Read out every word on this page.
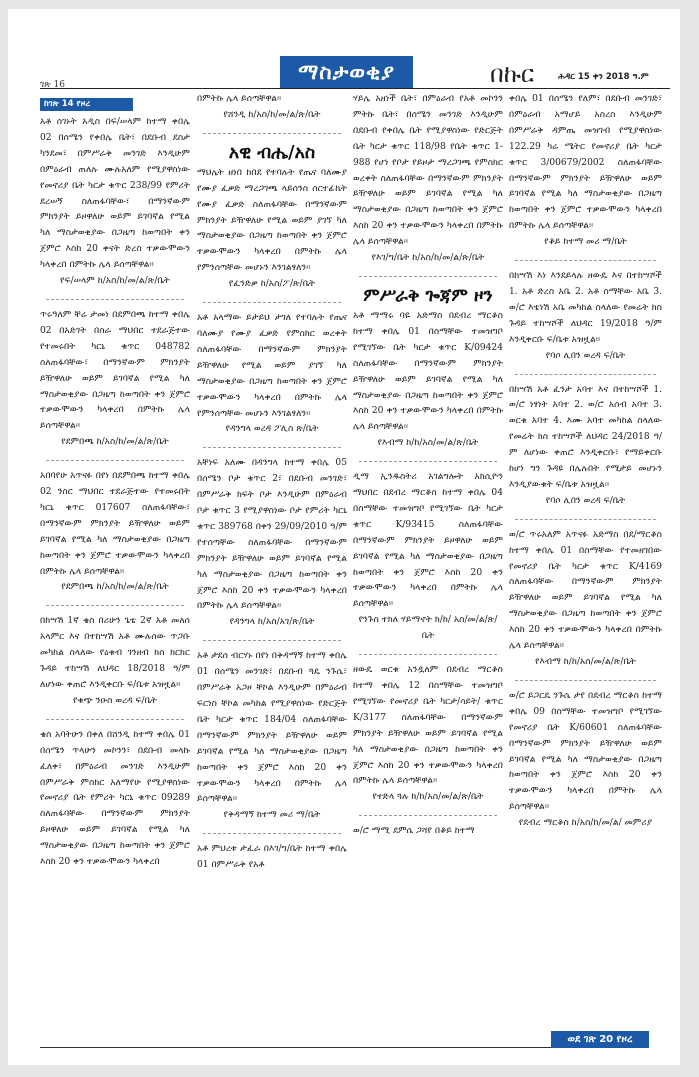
ገጽ 16
ማስታወቂያ	በኩር	ሕዳር 15 ቀን 2018 ዓ.ም
ከገጽ 14 የዞረ

አቶ ሰገኑት አዲስ በፍ/ሠላም ከተማ ቀበሌ 02 በሰሜን የቀበሌ ቤት፣ በደቡብ ደስታ ካንደመ፣ በምሥራቅ መንገድ እንዲሁም በምዕራብ ጠለሉ ሙሉአለም የሚያዋስነው የመኖሪያ ቤት ካርታ ቁጥር 238/99 የምሪት ደረሠኝ ስለጠፋባቸው፣ በማንኛውም ምክንያት ይዞዋለሁ ወይም ይገባኛል የሚል ካለ ማስታወቂያው በጋዜጣ ከወጣበት ቀን ጀምሮ እስከ 20 ቀናት ድረስ ተቃውሞውን ካላቀረበ በምትኩ ሌላ ይሰጣቸዋል፡፡

የፍ/ሠላም ከ/አስ/ከ/መ/ል/ጽ/ቤት

ጥሩዓለም ቸሬ ታመነ በደምበጫ ከተማ ቀበሌ 02 በአድገት በስራ ማህበር ተደራጅተው የተመሩበት ካርኒ ቁጥር 048782 ስለጠፋባቸው፣ በማንኛውም ምክንያት ይዥዋለሁ ወይም ይገባኛል የሚል ካለ ማስታወቂያው በጋዜጣ ከወጣበት ቀን ጀምሮ ተቃውሞውን ካላቀረበ በምትኩ ሌላ ይሰጣቸዋል፡፡

የደምበጫ ከ/አስ/ከ/መ/ል/ጽ/ቤት

አበባየሁ አጥናፉ በየነ በደምበጫ ከተማ ቀበሌ 02 ንስር ማህበር ተደራጅተው የተመሩበት ካርኒ ቁጥር 017607 ስለጠፋባቸው፣ በማንኛውም ምክንያት ይዥዋለሁ ወይም ይገባኛል የሚል ካለ ማስታወቂያው በጋዜጣ ከወጣበት ቀን ጀምሮ ተቃውሞውን ካላቀረበ በምትኩ ሌላ ይሰጣቸዋል፡፡

የደምበጫ ከ/አስ/ከ/መ/ል/ጽ/ቤት

በከሣሽ 1ኛ ቄስ በሪሁን ጌቴ 2ኛ አቶ መለሰ አላምር እና በተከሣሽ አቶ ሙሉሰው ጥጋቡ መካከል ስላለው የዕቁብ ገንዘብ ክስ ክርክር ጉዳይ ተከሣሽ ለህዳር 18/2018 ዓ/ም ለሆነው ቀጠሮ እንዲቀርቡ ፍ/ቤቱ አዝዟል፡፡

የቁጭ ንዑስ ወረዳ ፍ/ቤት

ቄስ አባትሁን በቀለ በሸንዲ ከተማ ቀበሌ 01 በሰሜን ጥላሁን መኮንን፣ በደቡብ መላኩ ፈለቀ፣ በምዕራብ መንገድ እንዲሁም በምሥራቅ ምስክር አለማየሁ የሚያዋስነው የመኖሪያ ቤት የምሪት ካርኒ ቁጥር 09289 ስለጠፋባቸው በማንኛውም ምክንያት ይዞዋለሁ ወይም ይገባኛል የሚል ካለ ማስታወቂያው በጋዜጣ ከወጣበት ቀን ጀምሮ እስከ 20 ቀን ተቃውሞውን ካላቀረበ

በምትኩ ሌላ ይሰጣቸዋል፡፡

የሸንዲ ከ/አስ/ከ/መ/ል/ጽ/ቤት

አዊ ብሔ/አስ

ማህሌት ዘነበ ከበደ የተባሉት የጤና ባለሙያ የሙያ ፈቃድ ማረጋገጫ ላይሰንስ ሰርተፊኬት የሙያ ፈቃድ ስለጠፋባቸው በማንኛውም ምክንያት ይዥዋለሁ የሚል ወይም ያገኘ ካለ ማስታወቂያው በጋዜጣ ከወጣበት ቀን ጀምሮ ተቃውሞውን ካላቀረበ በምትኩ ሌላ የምንሰጣቸው መሆኑን እንገልፃለን፡፡

የፈንድቃ ከ/አስ/ፖ/ጽ/ቤት

አቶ አላማው ይታይህ ታገለ የተባሉት የጤና ባለሙያ የሙያ ፈቃድ የምስክር ወረቀት ስለጠፋባቸው በማንኛውም ምክንያት ይዥዋለሁ የሚል ወይም ያገኘ ካለ ማስታወቂያው በጋዜጣ ከወጣበት ቀን ጀምሮ ተቃውሞውን ካላቀረበ በምትኩ ሌላ የምንሰጣቸው መሆኑን እንገልፃለን፡፡

የዳንግላ ወረዳ ፖሊስ ጽ/ቤት

አቸነፍ አለሙ በዳንግላ ከተማ ቀበሌ 05 በሰሜን ቦታ ቁጥር 2፣ በደቡብ መንገድ፣ በምሥራቅ ክፍት ቦታ እንዲሁም በምዕራብ ቦታ ቁጥር 3 የሚያዋስነው ቦታ የምሪት ካርኒ ቁጥር 389768 በቀን 29/09/2010 ዓ/ም የተሰጣቸው ስለጠፋባቸው በማንኛውም ምክንያት ይዥዋለሁ ወይም ይገባኛል የሚል ካለ ማስታወቂያው በጋዜጣ ከወጣበት ቀን ጀምሮ እስከ 20 ቀን ተቃውሞውን ካላቀረበ በምትኩ ሌላ ይሰጣቸዋል፡፡

የዳንግላ ከ/አስ/አገ/ጽ/ቤት

አቶ ታደሰ ብርሃኑ በየነ በቅዳማኝ ከተማ ቀበሌ 01 በሰሜን መንገድ፣ በደቡብ ጓዴ ንጉሴ፣ በምሥራቅ አጋዞ ቸኮል እንዲሁም በምዕራብ ፍርነስ ቸኮል መካከል የሚያዋስነው የድርጅት ቤት ካርታ ቁጥር 184/04 ስለጠፋባቸው በማንኛውም ምክንያት ይዥዋለሁ ወይም ይገባኛል የሚል ካለ ማስታወቂያው በጋዜጣ ከወጣበት ቀን ጀምሮ እስከ 20 ቀን ተቃውሞውን ካላቀረበ በምትኩ ሌላ ይሰጣቸዋል፡፡

የቅዳማኝ ከተማ መሪ ማ/ቤት

አቶ ምህረቱ ታፈራ በእገ/ግ/ቤት ከተማ ቀበሌ 01 በምሥራቅ የአቶ

ሃይሌ አዘነች ቤት፣ በምዕራብ የአቶ መኮንን ምትኩ ቤት፣ በሰሜን መንገድ እንዲሁም በደቡብ የቀበሌ ቤት የሚያዋስነው የድርጅት ቤት ካርታ ቁጥር 118/98 የቤት ቁጥር 1-988 የሆነ የቦታ የይዞታ ማረጋገጫ የምስክር ወረቀት ስለጠፋባቸው በማንኛውም ምክንያት ይዥዋለሁ ወይም ይገባኛል የሚል ካለ ማስታወቂያው በጋዜጣ ከወጣበት ቀን ጀምሮ እስከ 20 ቀን ተቃውሞውን ካላቀረበ በምትኩ ሌላ ይሰጣቸዋል፡፡

የእገ/ግ/ቤት ከ/አስ/ከ/መ/ል/ጽ/ቤት

ምሥራቅ ጐጃም ዞን

አቶ ማማሩ ባዬ አድማስ በደብረ ማርቆስ ከተማ ቀበሌ 01 በስማቸው ተመዝግቦ የሚገኘው ቤት ካርታ ቁጥር K/09424 ስለጠፋባቸው በማንኛውም ምክንያት ይዥዋለሁ ወይም ይገባኛል የሚል ካለ ማስታወቂያው በጋዜጣ ከወጣበት ቀን ጀምሮ እስከ 20 ቀን ተቃውሞውን ካላቀረበ በምትኩ ሌላ ይሰጣቸዋል፡፡

የእብማ ከ/ከ/አስ/መ/ል/ጽ/ቤት

ዲማ ኢንዱስትሪ አገልግሎት አክሲዮን ማህበር በደብረ ማርቆስ ከተማ ቀበሌ 04 በስማቸው ተመዝግቦ የሚገኘው ቤት ካርታ ቁጥር K/93415 ስለጠፋባቸው በማንኛውም ምክንያት ይዞዋለሁ ወይም ይገባኛል የሚል ካለ ማስታወቂያው በጋዜጣ ከወጣበት ቀን ጀምሮ እስከ 20 ቀን ተቃውሞውን ካላቀረበ በምትኩ ሌላ ይሰጣቸዋል፡፡

የንጉስ ተክለ ሃይማኖት ክ/ከ/ አስ/መ/ል/ጽ/ቤት

ዘውዴ ወርቁ አንዷለም በደብረ ማርቆስ ከተማ ቀበሌ 12 በስማቸው ተመዝግቦ የሚገኘው የመኖሪያ ቤት ካርታ/ሳይት/ ቁጥር K/3177 ስለጠፋባቸው በማንኛውም ምክንያት ይዥዋለሁ ወይም ይገባኛል የሚል ካለ ማስታወቂያው በጋዜጣ ከወጣበት ቀን ጀምሮ እስከ 20 ቀን ተቃውሞውን ካላቀረበ በምትኩ ሌላ ይሰጣቸዋል፡፡

የተድላ ጓሉ ክ/ከ/አስ/መ/ል/ጽ/ቤት

ወ/ሮ ማሚ ደምሴ ጋሻየ በቆይ ከተማ

ቀበሌ 01 በሰሜን የለም፣ በደቡብ መንገድ፣ በምዕራብ አማሆይ አስረስ እንዲሁም በምሥራቅ ዳምጤ መዝገብ የሚያዋስነው 122.29 ካሬ ሜትር የመኖሪያ ቤት ካርታ ቁጥር 3/00679/2002 ስለጠፋባቸው በማንኛውም ምክንያት ይዥዋለሁ ወይም ይገባኛል የሚል ካለ ማስታወቂያው በጋዜጣ ከወጣበት ቀን ጀምሮ ተቃውሞውን ካላቀረበ በምትኩ ሌላ ይሰጣቸዋል፡፡

የቆይ ከተማ መሪ ማ/ቤት

በከሣሽ እነ እንደይላሉ ዘውዴ እና በተከሣሾች 1. አቶ ድረስ አቤ 2. አቶ ስማቸው አቤ 3. ወ/ሮ እቴነሽ አቤ መካከል ስላለው የመሬት ክስ ጉዳይ ተከሣሾች ለህዳር 19/2018 ዓ/ም እንዲቀርቡ ፍ/ቤቱ አዝዟል፡፡

የባሶ ሊበን ወረዳ ፍ/ቤት

በከሣሽ አቶ ፈንታ አባተ እና በተከሣሾች 1. ወ/ሮ ነፃነት አባተ 2. ወ/ሮ አሰብ አባተ 3. ወርቁ አባተ 4. እሙ አባተ መካከል ስላለው የመሬት ክስ ተከሣሾች ለህዳር 24/2018 ዓ/ም ለሆነው ቀጠሮ እንዲቀርቡ፣ የማይቀርቡ ከሆነ ግን ጉዳዩ በሌሉበት የሚታይ መሆኑን እንዲያውቁት ፍ/ቤቱ አዝዟል፡፡

የባሶ ሊበን ወረዳ ፍ/ቤት

ወ/ሮ ጥሩአለም አጥናፉ አድማስ በደ/ማርቆስ ከተማ ቀበሌ 01 በስማቸው የተመዘገበው የመኖሪያ ቤት ካርታ ቁጥር K/4169 ስለጠፋባቸው በማንኛውም ምክንያት ይዥዋለሁ ወይም ይገባኛል የሚል ካለ ማስታወቂያው በጋዜጣ ከወጣበት ቀን ጀምሮ እስከ 20 ቀን ተቃውሞውን ካላቀረበ በምትኩ ሌላ ይሰጣቸዋል፡፡

የእብማ ከ/ከ/አስ/መ/ል/ጽ/ቤት

ወ/ሮ ይጋርዴ ንጉሴ ታየ በደብረ ማርቆስ ከተማ ቀበሌ 09 በስማቸው ተመዝግቦ የሚገኘው የመኖሪያ ቤት K/60601 ስለጠፋባቸው በማንኛውም ምክንያት ይዥዋለሁ ወይም ይገባኛል የሚል ካለ ማስታወቂያው በጋዜጣ ከወጣበት ቀን ጀምሮ እስከ 20 ቀን ተቃውሞውን ካላቀረበ በምትኩ ሌላ ይሰጣቸዋል፡፡

የደብረ ማርቆስ ከ/አስ/ከ/መ/ል/ መምሪያ

ወደ ገጽ 20 የዞረ
